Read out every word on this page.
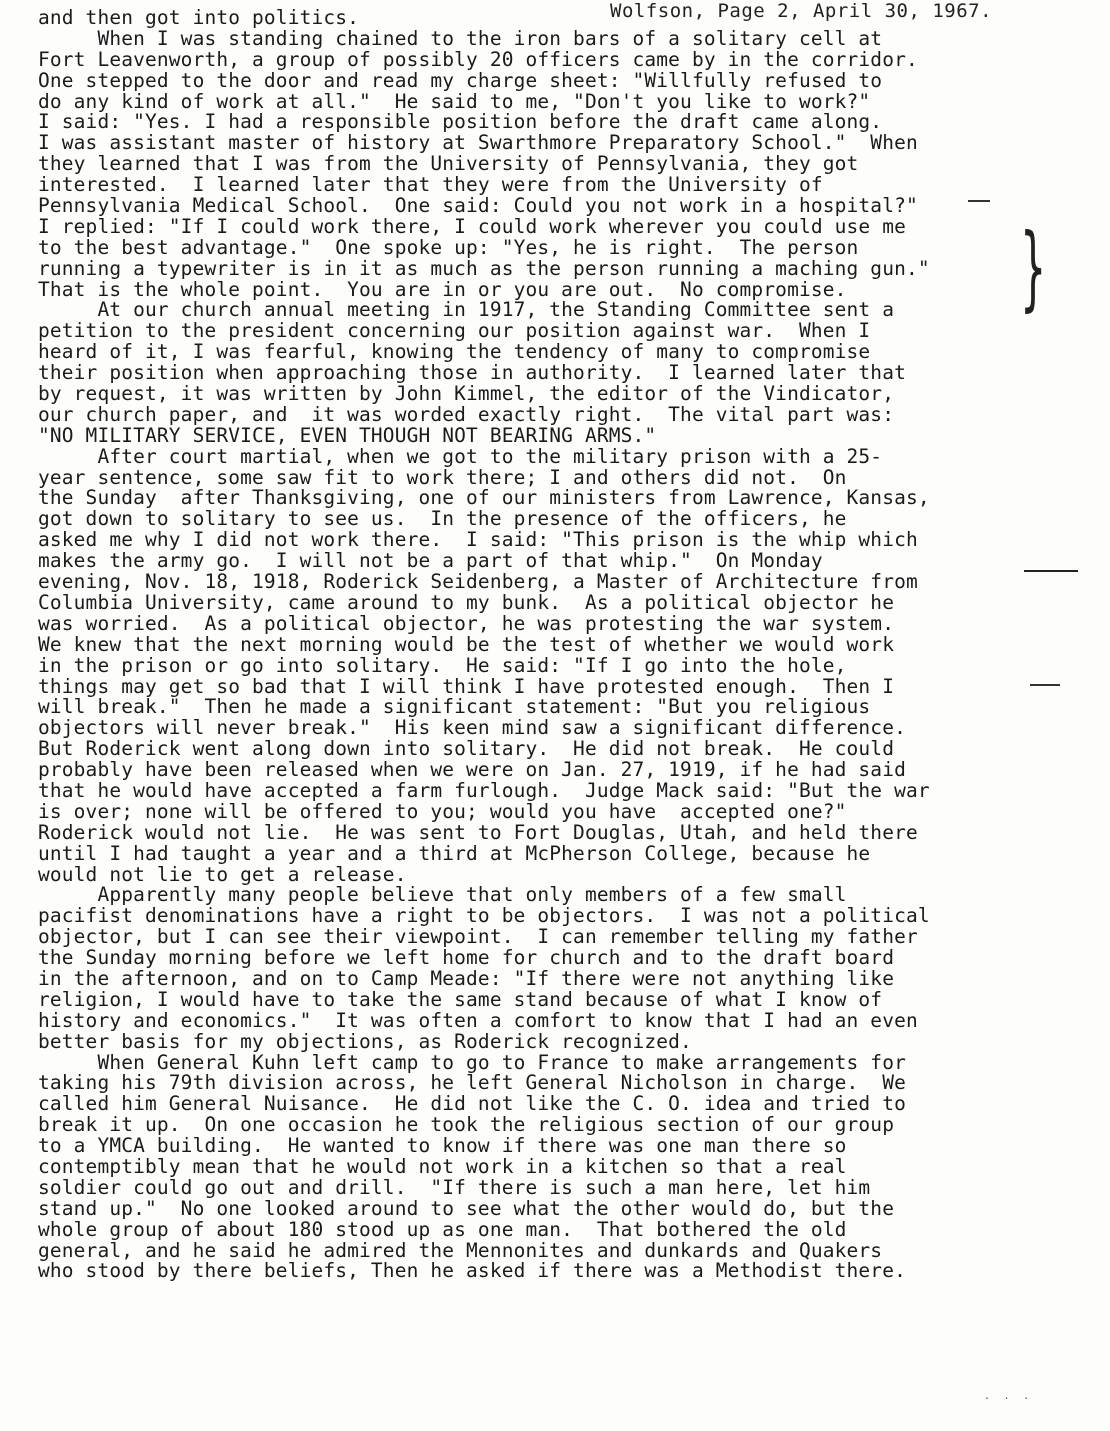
Wolfson, Page 2, April 30, 1967.
and then got into politics.
When I was standing chained to the iron bars of a solitary cell at
Fort Leavenworth, a group of possibly 20 officers came by in the corridor.
One stepped to the door and read my charge sheet: "Willfully refused to
do any kind of work at all."  He said to me, "Don't you like to work?"
I said: "Yes. I had a responsible position before the draft came along.
I was assistant master of history at Swarthmore Preparatory School."  When
they learned that I was from the University of Pennsylvania, they got
interested.  I learned later that they were from the University of
Pennsylvania Medical School.  One said: Could you not work in a hospital?"
I replied: "If I could work there, I could work wherever you could use me
to the best advantage."  One spoke up: "Yes, he is right.  The person
running a typewriter is in it as much as the person running a maching gun."
That is the whole point.  You are in or you are out.  No compromise.
At our church annual meeting in 1917, the Standing Committee sent a
petition to the president concerning our position against war.  When I
heard of it, I was fearful, knowing the tendency of many to compromise
their position when approaching those in authority.  I learned later that
by request, it was written by John Kimmel, the editor of the Vindicator,
our church paper, and  it was worded exactly right.  The vital part was:
"NO MILITARY SERVICE, EVEN THOUGH NOT BEARING ARMS."
After court martial, when we got to the military prison with a 25-
year sentence, some saw fit to work there; I and others did not.  On
the Sunday  after Thanksgiving, one of our ministers from Lawrence, Kansas,
got down to solitary to see us.  In the presence of the officers, he
asked me why I did not work there.  I said: "This prison is the whip which
makes the army go.  I will not be a part of that whip."  On Monday
evening, Nov. 18, 1918, Roderick Seidenberg, a Master of Architecture from
Columbia University, came around to my bunk.  As a political objector he
was worried.  As a political objector, he was protesting the war system.
We knew that the next morning would be the test of whether we would work
in the prison or go into solitary.  He said: "If I go into the hole,
things may get so bad that I will think I have protested enough.  Then I
will break."  Then he made a significant statement: "But you religious
objectors will never break."  His keen mind saw a significant difference.
But Roderick went along down into solitary.  He did not break.  He could
probably have been released when we were on Jan. 27, 1919, if he had said
that he would have accepted a farm furlough.  Judge Mack said: "But the war
is over; none will be offered to you; would you have  accepted one?"
Roderick would not lie.  He was sent to Fort Douglas, Utah, and held there
until I had taught a year and a third at McPherson College, because he
would not lie to get a release.
Apparently many people believe that only members of a few small
pacifist denominations have a right to be objectors.  I was not a political
objector, but I can see their viewpoint.  I can remember telling my father
the Sunday morning before we left home for church and to the draft board
in the afternoon, and on to Camp Meade: "If there were not anything like
religion, I would have to take the same stand because of what I know of
history and economics."  It was often a comfort to know that I had an even
better basis for my objections, as Roderick recognized.
When General Kuhn left camp to go to France to make arrangements for
taking his 79th division across, he left General Nicholson in charge.  We
called him General Nuisance.  He did not like the C. O. idea and tried to
break it up.  On one occasion he took the religious section of our group
to a YMCA building.  He wanted to know if there was one man there so
contemptibly mean that he would not work in a kitchen so that a real
soldier could go out and drill.  "If there is such a man here, let him
stand up."  No one looked around to see what the other would do, but the
whole group of about 180 stood up as one man.  That bothered the old
general, and he said he admired the Mennonites and dunkards and Quakers
who stood by there beliefs, Then he asked if there was a Methodist there.
}
. . .
